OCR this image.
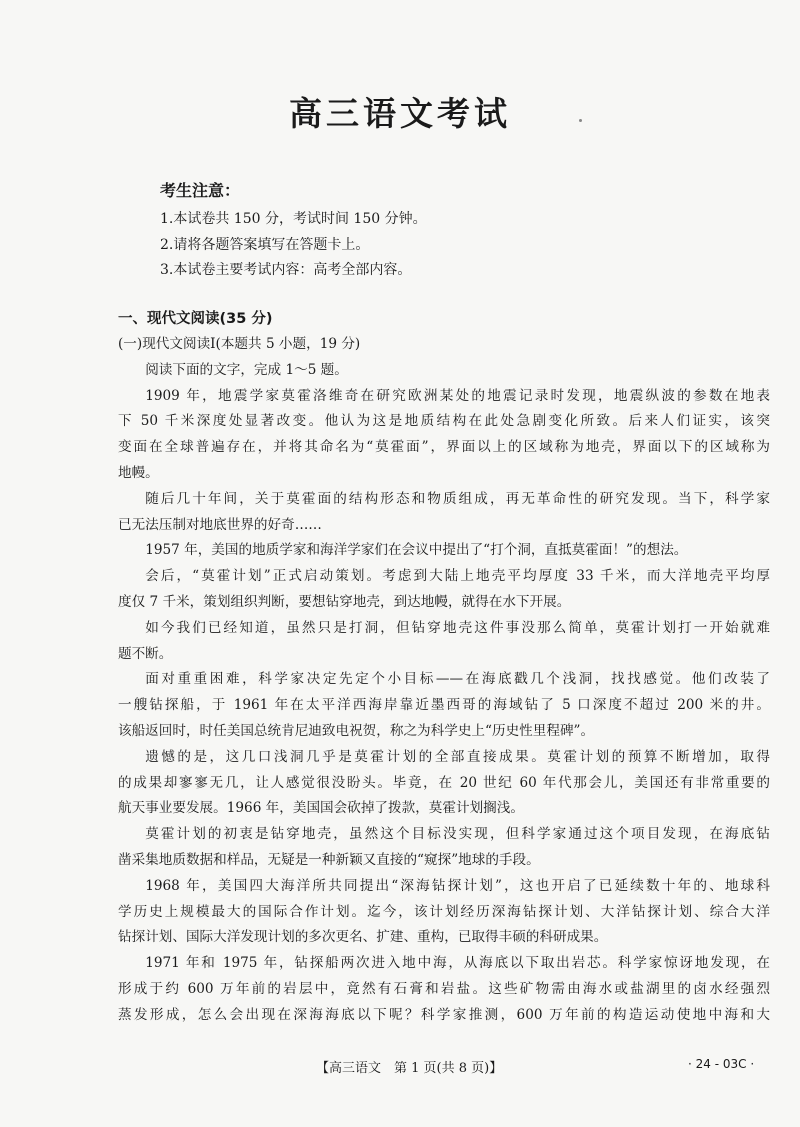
高三语文考试
考生注意：
1.本试卷共 150 分，考试时间 150 分钟。
2.请将各题答案填写在答题卡上。
3.本试卷主要考试内容：高考全部内容。
一、现代文阅读(35 分)
(一)现代文阅读Ⅰ(本题共 5 小题，19 分)
阅读下面的文字，完成 1～5 题。
1909 年，地震学家莫霍洛维奇在研究欧洲某处的地震记录时发现，地震纵波的参数在地表
下 50 千米深度处显著改变。他认为这是地质结构在此处急剧变化所致。后来人们证实，该突
变面在全球普遍存在，并将其命名为“莫霍面”，界面以上的区域称为地壳，界面以下的区域称为
地幔。
随后几十年间，关于莫霍面的结构形态和物质组成，再无革命性的研究发现。当下，科学家
已无法压制对地底世界的好奇……
1957 年，美国的地质学家和海洋学家们在会议中提出了“打个洞，直抵莫霍面！”的想法。
会后，“莫霍计划”正式启动策划。考虑到大陆上地壳平均厚度 33 千米，而大洋地壳平均厚
度仅 7 千米，策划组织判断，要想钻穿地壳，到达地幔，就得在水下开展。
如今我们已经知道，虽然只是打洞，但钻穿地壳这件事没那么简单，莫霍计划打一开始就难
题不断。
面对重重困难，科学家决定先定个小目标——在海底戳几个浅洞，找找感觉。他们改装了
一艘钻探船，于 1961 年在太平洋西海岸靠近墨西哥的海域钻了 5 口深度不超过 200 米的井。
该船返回时，时任美国总统肯尼迪致电祝贺，称之为科学史上“历史性里程碑”。
遗憾的是，这几口浅洞几乎是莫霍计划的全部直接成果。莫霍计划的预算不断增加，取得
的成果却寥寥无几，让人感觉很没盼头。毕竟，在 20 世纪 60 年代那会儿，美国还有非常重要的
航天事业要发展。1966 年，美国国会砍掉了拨款，莫霍计划搁浅。
莫霍计划的初衷是钻穿地壳，虽然这个目标没实现，但科学家通过这个项目发现，在海底钻
凿采集地质数据和样品，无疑是一种新颖又直接的“窥探”地球的手段。
1968 年，美国四大海洋所共同提出“深海钻探计划”，这也开启了已延续数十年的、地球科
学历史上规模最大的国际合作计划。迄今，该计划经历深海钻探计划、大洋钻探计划、综合大洋
钻探计划、国际大洋发现计划的多次更名、扩建、重构，已取得丰硕的科研成果。
1971 年和 1975 年，钻探船两次进入地中海，从海底以下取出岩芯。科学家惊讶地发现，在
形成于约 600 万年前的岩层中，竟然有石膏和岩盐。这些矿物需由海水或盐湖里的卤水经强烈
蒸发形成，怎么会出现在深海海底以下呢？科学家推测，600 万年前的构造运动使地中海和大
【高三语文　第 1 页(共 8 页)】	· 24 - 03C ·
